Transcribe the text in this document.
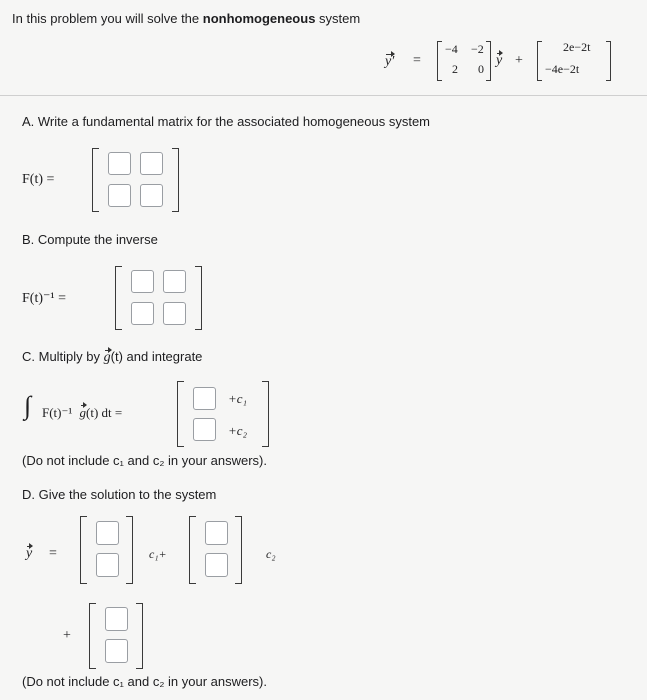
In this problem you will solve the nonhomogeneous system
y′ =
−4 −2
2 0
y +
2e−2t
−4e−2t
A. Write a fundamental matrix for the associated homogeneous system
F(t) =
B. Compute the inverse
F(t)⁻¹ =
C. Multiply by g(t) and integrate
∫ F(t)⁻¹ g(t) dt =
+c₁
+c₂
(Do not include c₁ and c₂ in your answers).
D. Give the solution to the system
y =	c₁+	c₂
+
(Do not include c₁ and c₂ in your answers).
